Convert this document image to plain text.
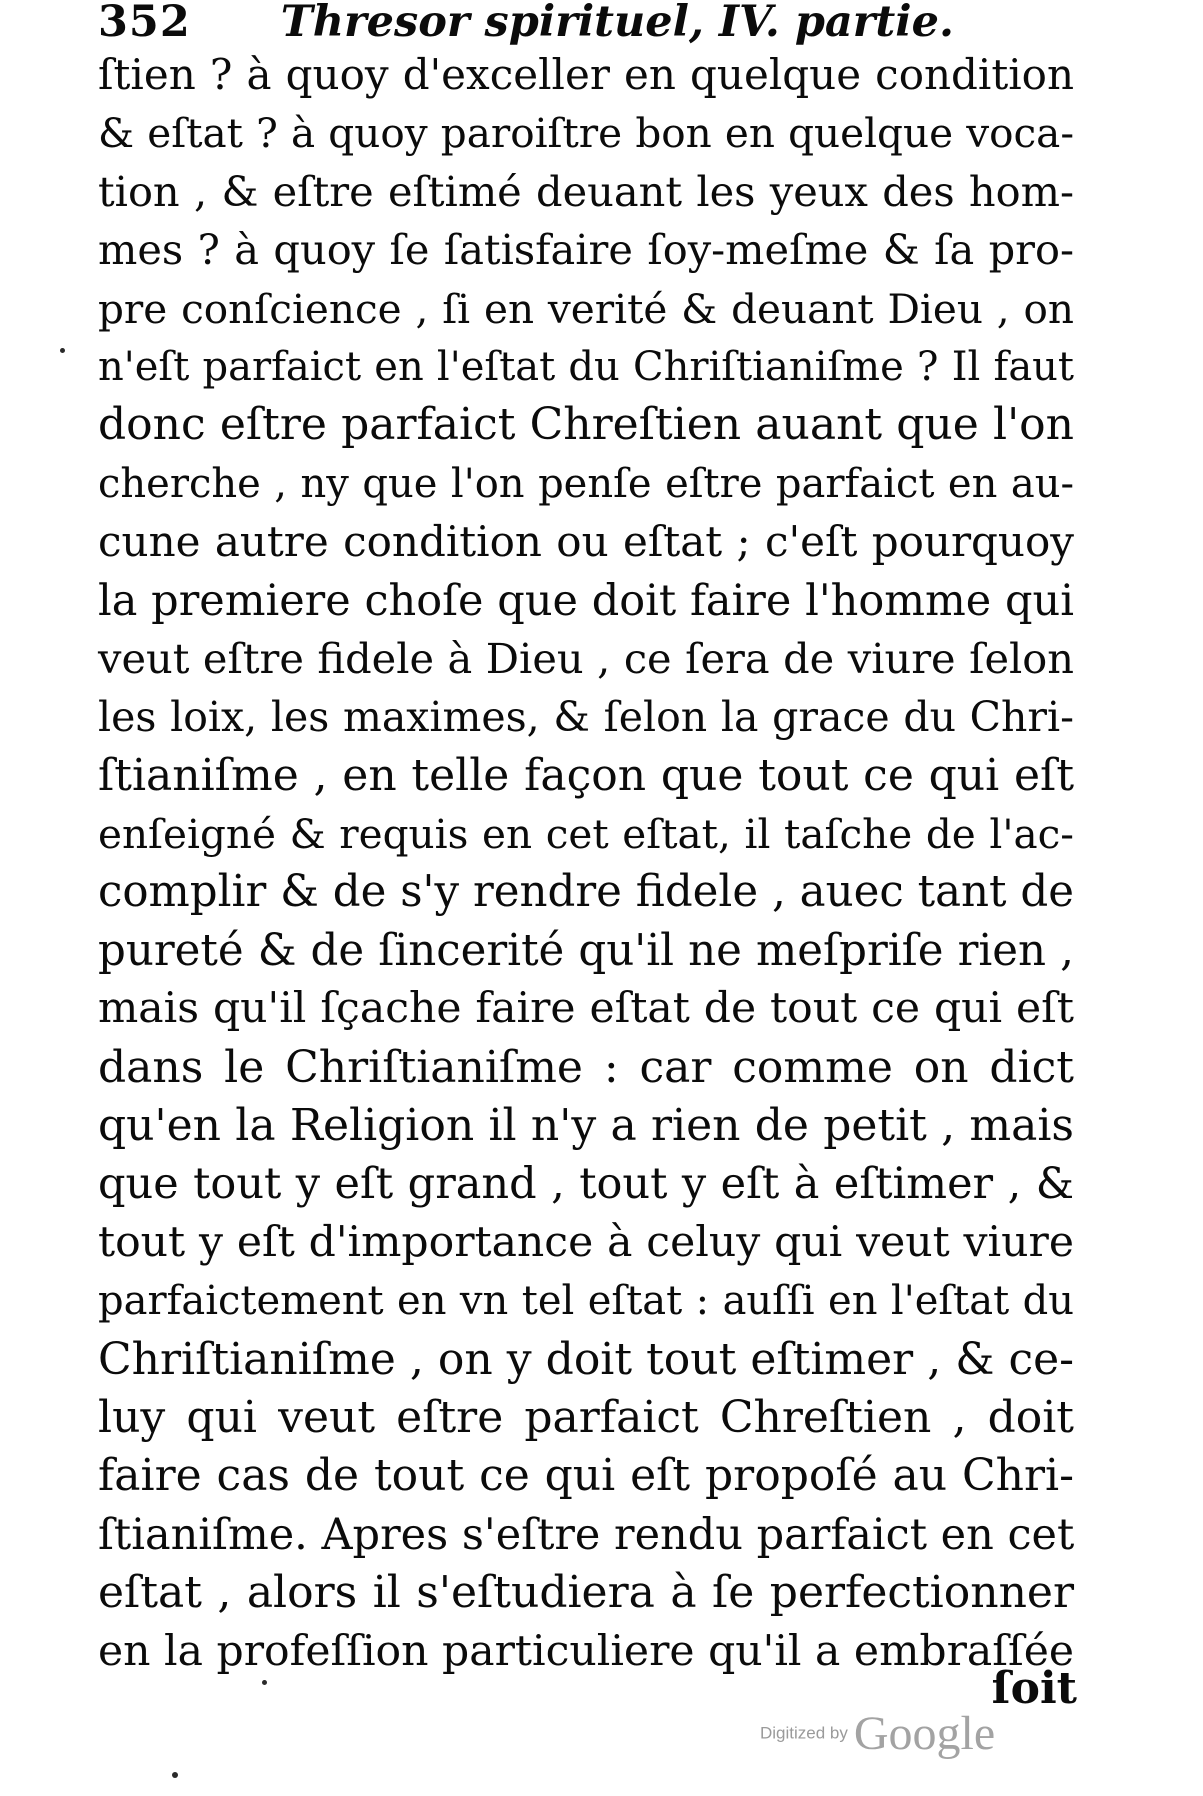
352 Thresor spirituel, IV. partie.
ſtien ? à quoy d'exceller en quelque condition
& eſtat ? à quoy paroiſtre bon en quelque voca-
tion , & eſtre eſtimé deuant les yeux des hom-
mes ? à quoy ſe ſatisfaire ſoy-meſme & ſa pro-
pre conſcience , ſi en verité & deuant Dieu , on
n'eſt parfaict en l'eſtat du Chriſtianiſme ? Il faut
donc eſtre parfaict Chreſtien auant que l'on
cherche , ny que l'on penſe eſtre parfaict en au-
cune autre condition ou eſtat ; c'eſt pourquoy
la premiere choſe que doit faire l'homme qui
veut eſtre fidele à Dieu , ce ſera de viure ſelon
les loix, les maximes, & ſelon la grace du Chri-
ſtianiſme , en telle façon que tout ce qui eſt
enſeigné & requis en cet eſtat, il taſche de l'ac-
complir & de s'y rendre fidele , auec tant de
pureté & de ſincerité qu'il ne meſpriſe rien ,
mais qu'il ſçache faire eſtat de tout ce qui eſt
dans le Chriſtianiſme : car comme on dict
qu'en la Religion il n'y a rien de petit , mais
que tout y eſt grand , tout y eſt à eſtimer , &
tout y eſt d'importance à celuy qui veut viure
parfaictement en vn tel eſtat : auſſi en l'eſtat du
Chriſtianiſme , on y doit tout eſtimer , & ce-
luy qui veut eſtre parfaict Chreſtien , doit
faire cas de tout ce qui eſt propoſé au Chri-
ſtianiſme. Apres s'eſtre rendu parfaict en cet
eſtat , alors il s'eſtudiera à ſe perfectionner
en la profeſſion particuliere qu'il a embraſſée
ſoit
Digitized by Google
